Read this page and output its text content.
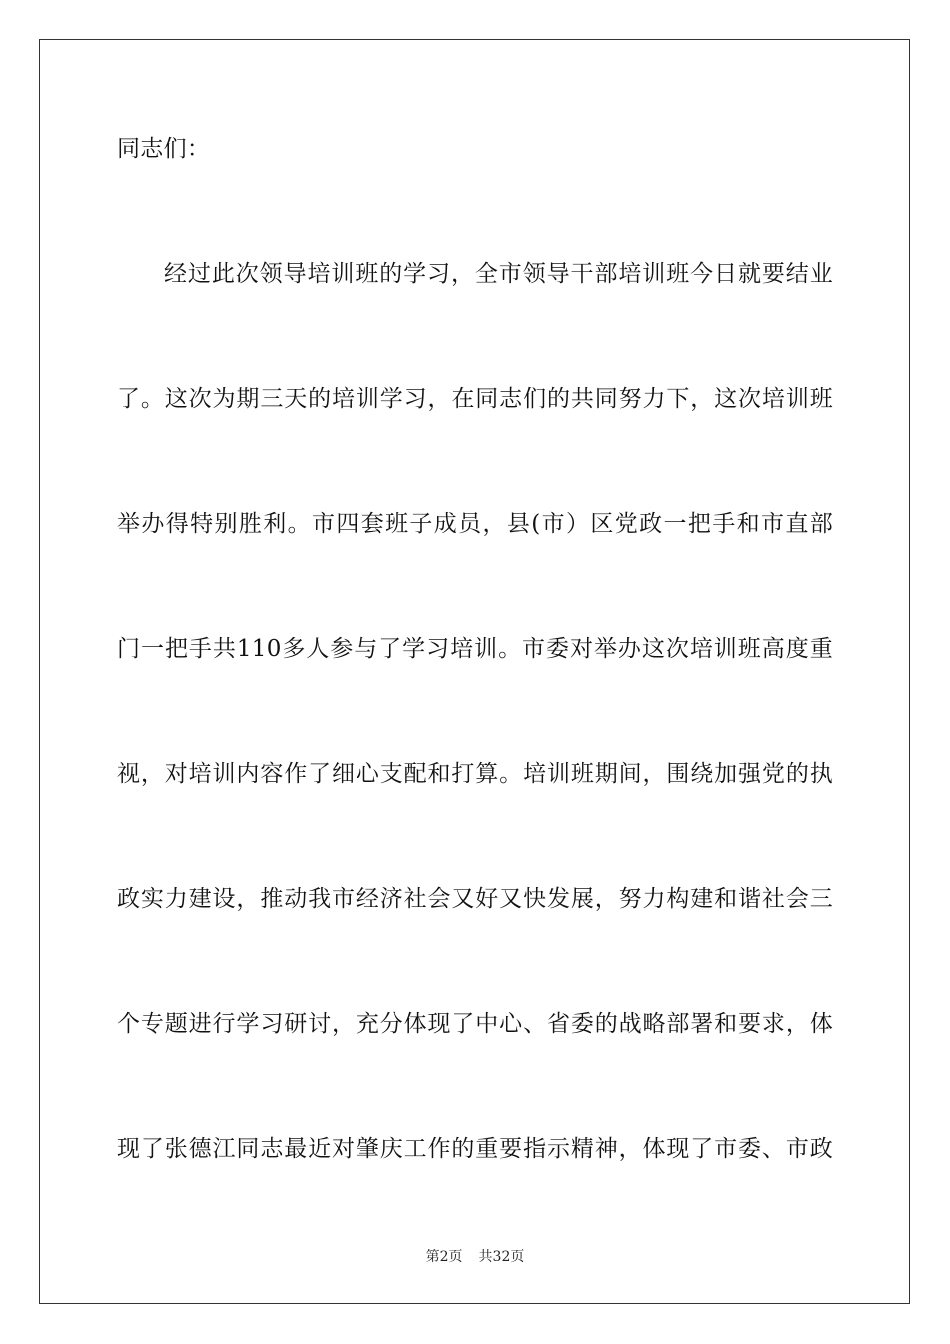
同志们：
经过此次领导培训班的学习，全市领导干部培训班今日就要结业
了。这次为期三天的培训学习，在同志们的共同努力下，这次培训班
举办得特别胜利。市四套班子成员，县(市）区党政一把手和市直部
门一把手共110多人参与了学习培训。市委对举办这次培训班高度重
视，对培训内容作了细心支配和打算。培训班期间，围绕加强党的执
政实力建设，推动我市经济社会又好又快发展，努力构建和谐社会三
个专题进行学习研讨，充分体现了中心、省委的战略部署和要求，体
现了张德江同志最近对肇庆工作的重要指示精神，体现了市委、市政
第2页 共32页
